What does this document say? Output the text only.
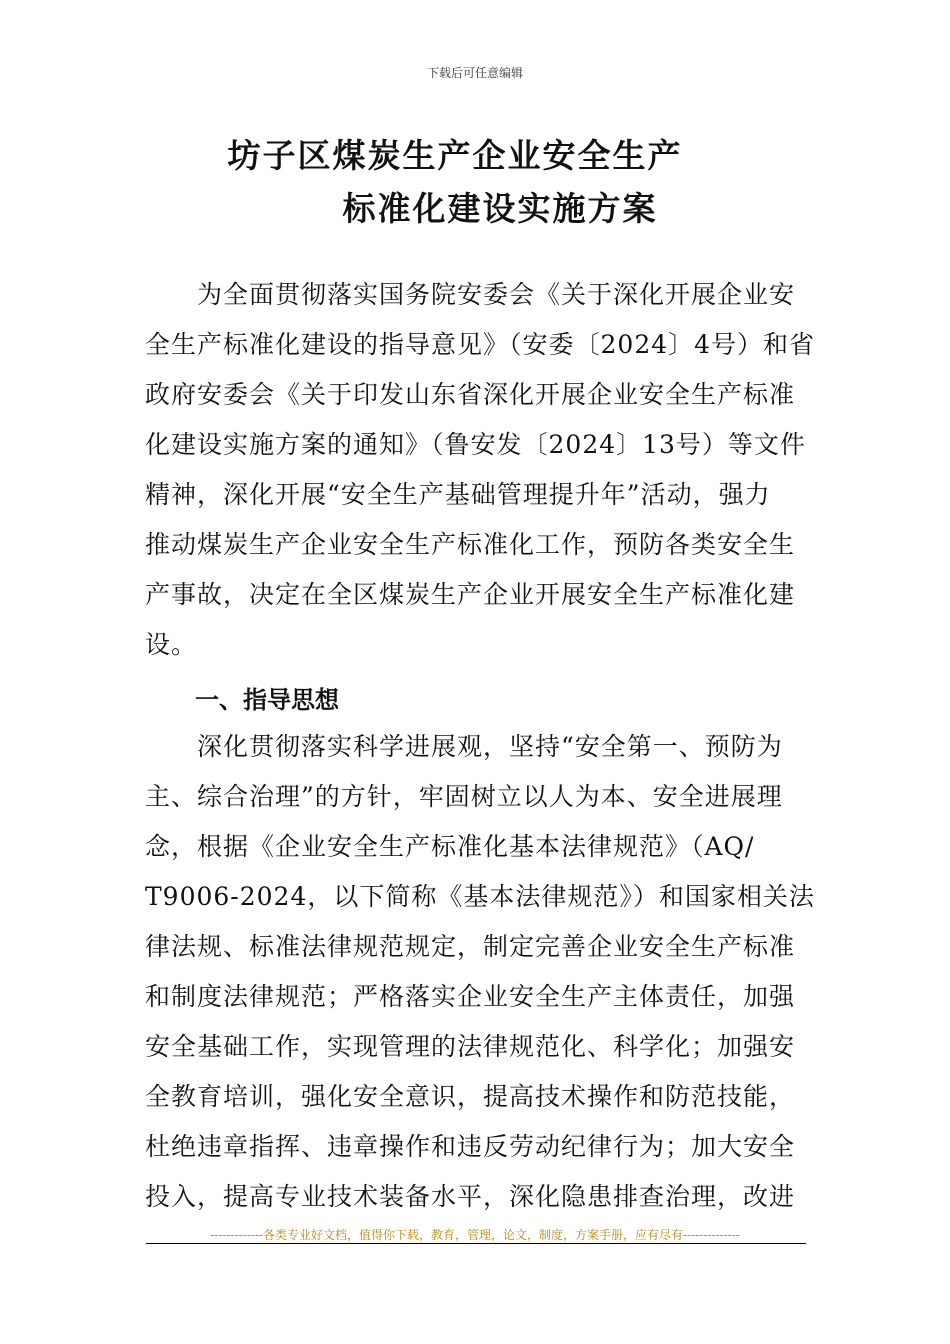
下载后可任意编辑
坊子区煤炭生产企业安全生产
标准化建设实施方案
　　为全面贯彻落实国务院安委会《关于深化开展企业安
全生产标准化建设的指导意见》（安委〔2024〕4号）和省
政府安委会《关于印发山东省深化开展企业安全生产标准
化建设实施方案的通知》（鲁安发〔2024〕13号）等文件
精神，深化开展“安全生产基础管理提升年”活动，强力
推动煤炭生产企业安全生产标准化工作，预防各类安全生
产事故，决定在全区煤炭生产企业开展安全生产标准化建
设。
一、指导思想
　　深化贯彻落实科学进展观，坚持“安全第一、预防为
主、综合治理”的方针，牢固树立以人为本、安全进展理
念，根据《企业安全生产标准化基本法律规范》（AQ/
T9006-2024，以下简称《基本法律规范》）和国家相关法
律法规、标准法律规范规定，制定完善企业安全生产标准
和制度法律规范；严格落实企业安全生产主体责任，加强
安全基础工作，实现管理的法律规范化、科学化；加强安
全教育培训，强化安全意识，提高技术操作和防范技能，
杜绝违章指挥、违章操作和违反劳动纪律行为；加大安全
投入，提高专业技术装备水平，深化隐患排查治理，改进
-------------各类专业好文档，值得你下载，教育，管理，论文，制度，方案手册，应有尽有--------------
